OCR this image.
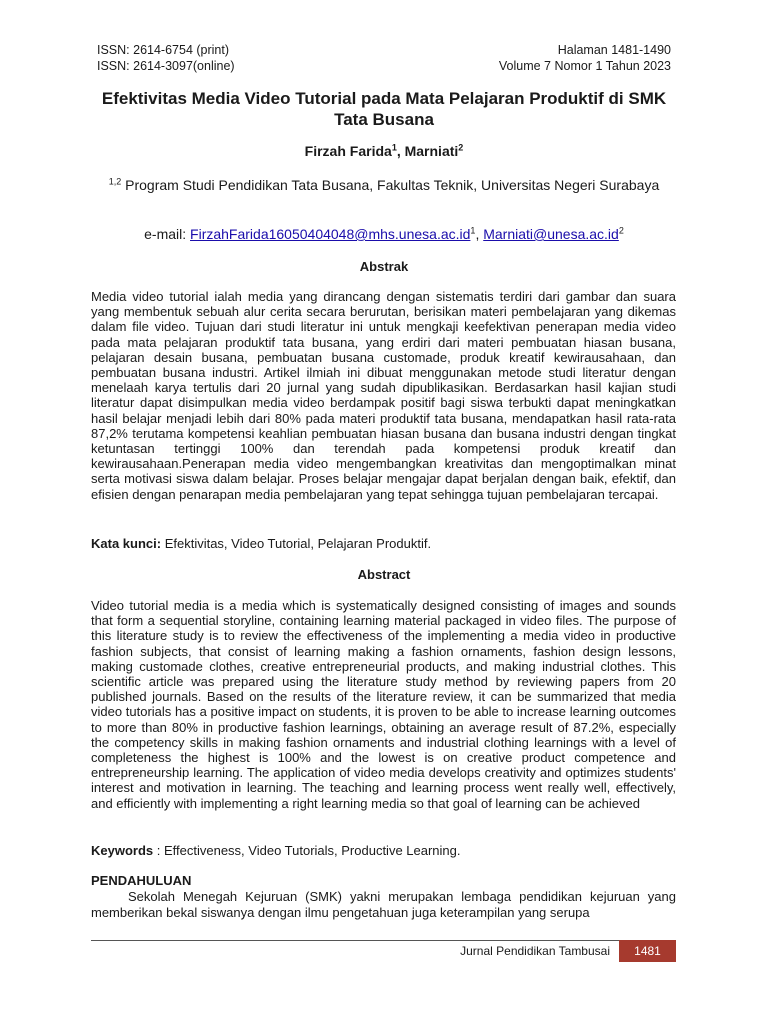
ISSN: 2614-6754 (print)
ISSN: 2614-3097(online)
Halaman 1481-1490
Volume 7 Nomor 1 Tahun 2023
Efektivitas Media Video Tutorial pada Mata Pelajaran Produktif di SMK Tata Busana
Firzah Farida$^1$, Marniati$^2$
$^{1,2}$ Program Studi Pendidikan Tata Busana, Fakultas Teknik, Universitas Negeri Surabaya
e-mail: $FirzahFarida16050404048@mhs.unesa.ac.id^1$, $Marniati@unesa.ac.id^2$
Abstrak

Media video tutorial ialah media yang dirancang dengan sistematis terdiri dari gambar dan suara yang membentuk sebuah alur cerita secara berurutan, berisikan materi pembelajaran yang dikemas dalam file video. Tujuan dari studi literatur ini untuk mengkaji keefektivan penerapan media video pada mata pelajaran produktif tata busana, yang erdiri dari materi pembuatan hiasan busana, pelajaran desain busana, pembuatan busana customade, produk kreatif kewirausahaan, dan pembuatan busana industri. Artikel ilmiah ini dibuat menggunakan metode studi literatur dengan menelaah karya tertulis dari 20 jurnal yang sudah dipublikasikan. Berdasarkan hasil kajian studi literatur dapat disimpulkan media video berdampak positif bagi siswa terbukti dapat meningkatkan hasil belajar menjadi lebih dari 80% pada materi produktif tata busana, mendapatkan hasil rata-rata 87,2% terutama kompetensi keahlian pembuatan hiasan busana dan busana industri dengan tingkat ketuntasan tertinggi 100% dan terendah pada kompetensi produk kreatif dan kewirausahaan.Penerapan media video mengembangkan kreativitas dan mengoptimalkan minat serta motivasi siswa dalam belajar. Proses belajar mengajar dapat berjalan dengan baik, efektif, dan efisien dengan penarapan media pembelajaran yang tepat sehingga tujuan pembelajaran tercapai.

Kata kunci: Efektivitas, Video Tutorial, Pelajaran Produktif.
Abstract

Video tutorial media is a media which is systematically designed consisting of images and sounds that form a sequential storyline, containing learning material packaged in video files. The purpose of this literature study is to review the effectiveness of the implementing a media video in productive fashion subjects, that consist of learning making a fashion ornaments, fashion design lessons, making customade clothes, creative entrepreneurial products, and making industrial clothes. This scientific article was prepared using the literature study method by reviewing papers from 20 published journals. Based on the results of the literature review, it can be summarized that media video tutorials has a positive impact on students, it is proven to be able to increase learning outcomes to more than 80% in productive fashion learnings, obtaining an average result of 87.2%, especially the competency skills in making fashion ornaments and industrial clothing learnings with a level of completeness the highest is 100% and the lowest is on creative product competence and entrepreneurship learning. The application of video media develops creativity and optimizes students' interest and motivation in learning. The teaching and learning process went really well, effectively, and efficiently with implementing a right learning media so that goal of learning can be achieved

Keywords : Effectiveness, Video Tutorials, Productive Learning.
PENDAHULUAN

Sekolah Menegah Kejuruan (SMK) yakni merupakan lembaga pendidikan kejuruan yang memberikan bekal siswanya dengan ilmu pengetahuan juga keterampilan yang serupa

Jurnal Pendidikan Tambusai	1481
